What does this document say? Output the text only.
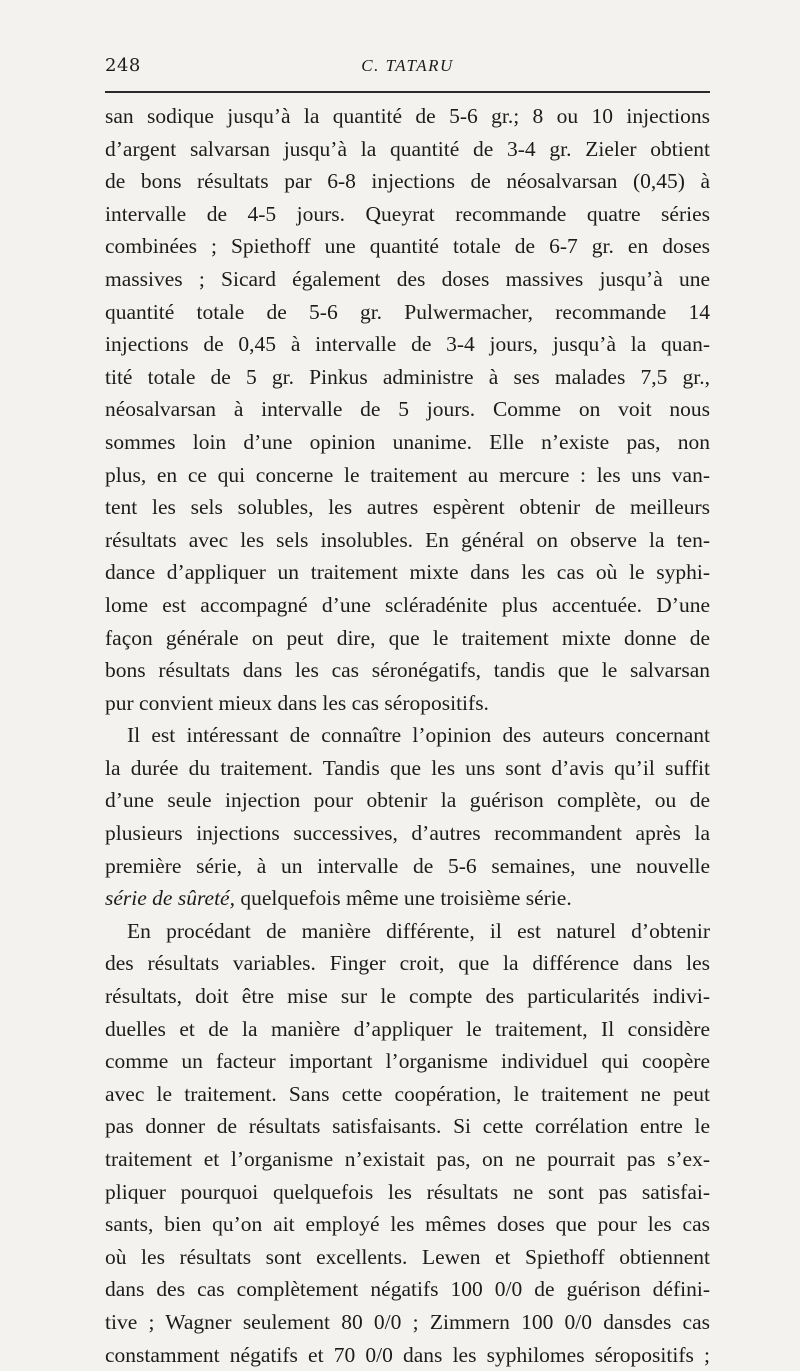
248	C. TATARU
san sodique jusqu’à la quantité de 5-6 gr.; 8 ou 10 injections
d’argent salvarsan jusqu’à la quantité de 3-4 gr. Zieler obtient
de bons résultats par 6-8 injections de néosalvarsan (0,45) à
intervalle de 4-5 jours. Queyrat recommande quatre séries
combinées ; Spiethoff une quantité totale de 6-7 gr. en doses
massives ; Sicard également des doses massives jusqu’à une
quantité totale de 5-6 gr. Pulwermacher, recommande 14
injections de 0,45 à intervalle de 3-4 jours, jusqu’à la quan-
tité totale de 5 gr. Pinkus administre à ses malades 7,5 gr.,
néosalvarsan à intervalle de 5 jours. Comme on voit nous
sommes loin d’une opinion unanime. Elle n’existe pas, non
plus, en ce qui concerne le traitement au mercure : les uns van-
tent les sels solubles, les autres espèrent obtenir de meilleurs
résultats avec les sels insolubles. En général on observe la ten-
dance d’appliquer un traitement mixte dans les cas où le syphi-
lome est accompagné d’une scléradénite plus accentuée. D’une
façon générale on peut dire, que le traitement mixte donne de
bons résultats dans les cas séronégatifs, tandis que le salvarsan
pur convient mieux dans les cas séropositifs.
Il est intéressant de connaître l’opinion des auteurs concernant
la durée du traitement. Tandis que les uns sont d’avis qu’il suffit
d’une seule injection pour obtenir la guérison complète, ou de
plusieurs injections successives, d’autres recommandent après la
première série, à un intervalle de 5-6 semaines, une nouvelle
série de sûreté, quelquefois même une troisième série.
En procédant de manière différente, il est naturel d’obtenir
des résultats variables. Finger croit, que la différence dans les
résultats, doit être mise sur le compte des particularités indivi-
duelles et de la manière d’appliquer le traitement, Il considère
comme un facteur important l’organisme individuel qui coopère
avec le traitement. Sans cette coopération, le traitement ne peut
pas donner de résultats satisfaisants. Si cette corrélation entre le
traitement et l’organisme n’existait pas, on ne pourrait pas s’ex-
pliquer pourquoi quelquefois les résultats ne sont pas satisfai-
sants, bien qu’on ait employé les mêmes doses que pour les cas
où les résultats sont excellents. Lewen et Spiethoff obtiennent
dans des cas complètement négatifs 100 0/0 de guérison défini-
tive ; Wagner seulement 80 0/0 ; Zimmern 100 0/0 dansdes cas
constamment négatifs et 70 0/0 dans les syphilomes séropositifs ;
